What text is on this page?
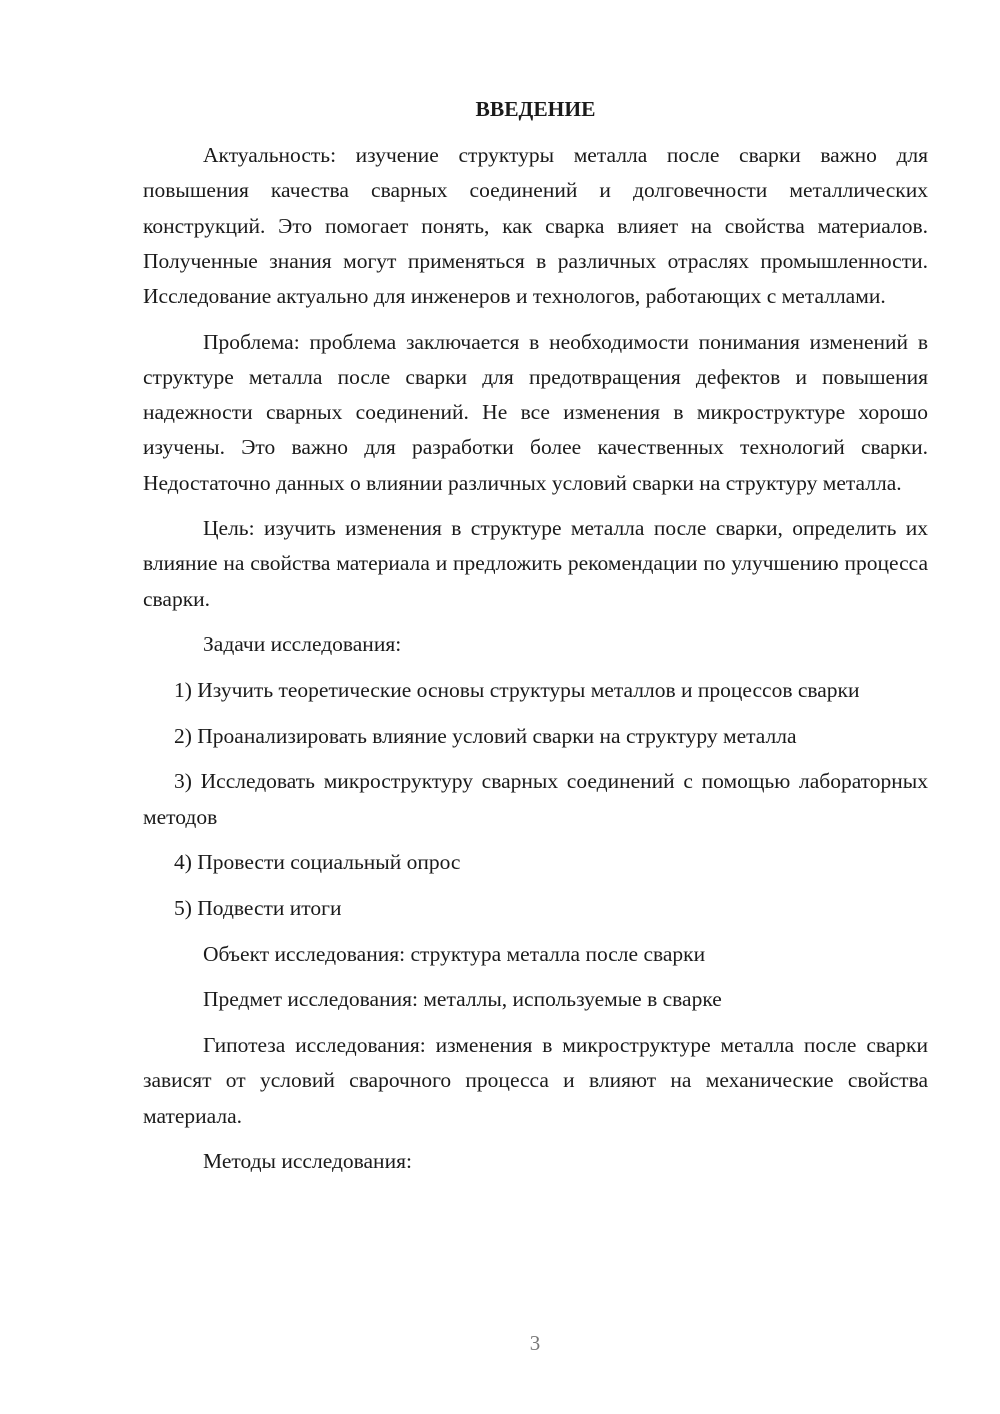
ВВЕДЕНИЕ

Актуальность: изучение структуры металла после сварки важно для повышения качества сварных соединений и долговечности металлических конструкций. Это помогает понять, как сварка влияет на свойства материалов. Полученные знания могут применяться в различных отраслях промышленности. Исследование актуально для инженеров и технологов, работающих с металлами.

Проблема: проблема заключается в необходимости понимания изменений в структуре металла после сварки для предотвращения дефектов и повышения надежности сварных соединений. Не все изменения в микроструктуре хорошо изучены. Это важно для разработки более качественных технологий сварки. Недостаточно данных о влиянии различных условий сварки на структуру металла.

Цель: изучить изменения в структуре металла после сварки, определить их влияние на свойства материала и предложить рекомендации по улучшению процесса сварки.

Задачи исследования:

1) Изучить теоретические основы структуры металлов и процессов сварки

2) Проанализировать влияние условий сварки на структуру металла

3) Исследовать микроструктуру сварных соединений с помощью лабораторных методов

4) Провести социальный опрос

5) Подвести итоги

Объект исследования: структура металла после сварки

Предмет исследования: металлы, используемые в сварке

Гипотеза исследования: изменения в микроструктуре металла после сварки зависят от условий сварочного процесса и влияют на механические свойства материала.

Методы исследования:

3
